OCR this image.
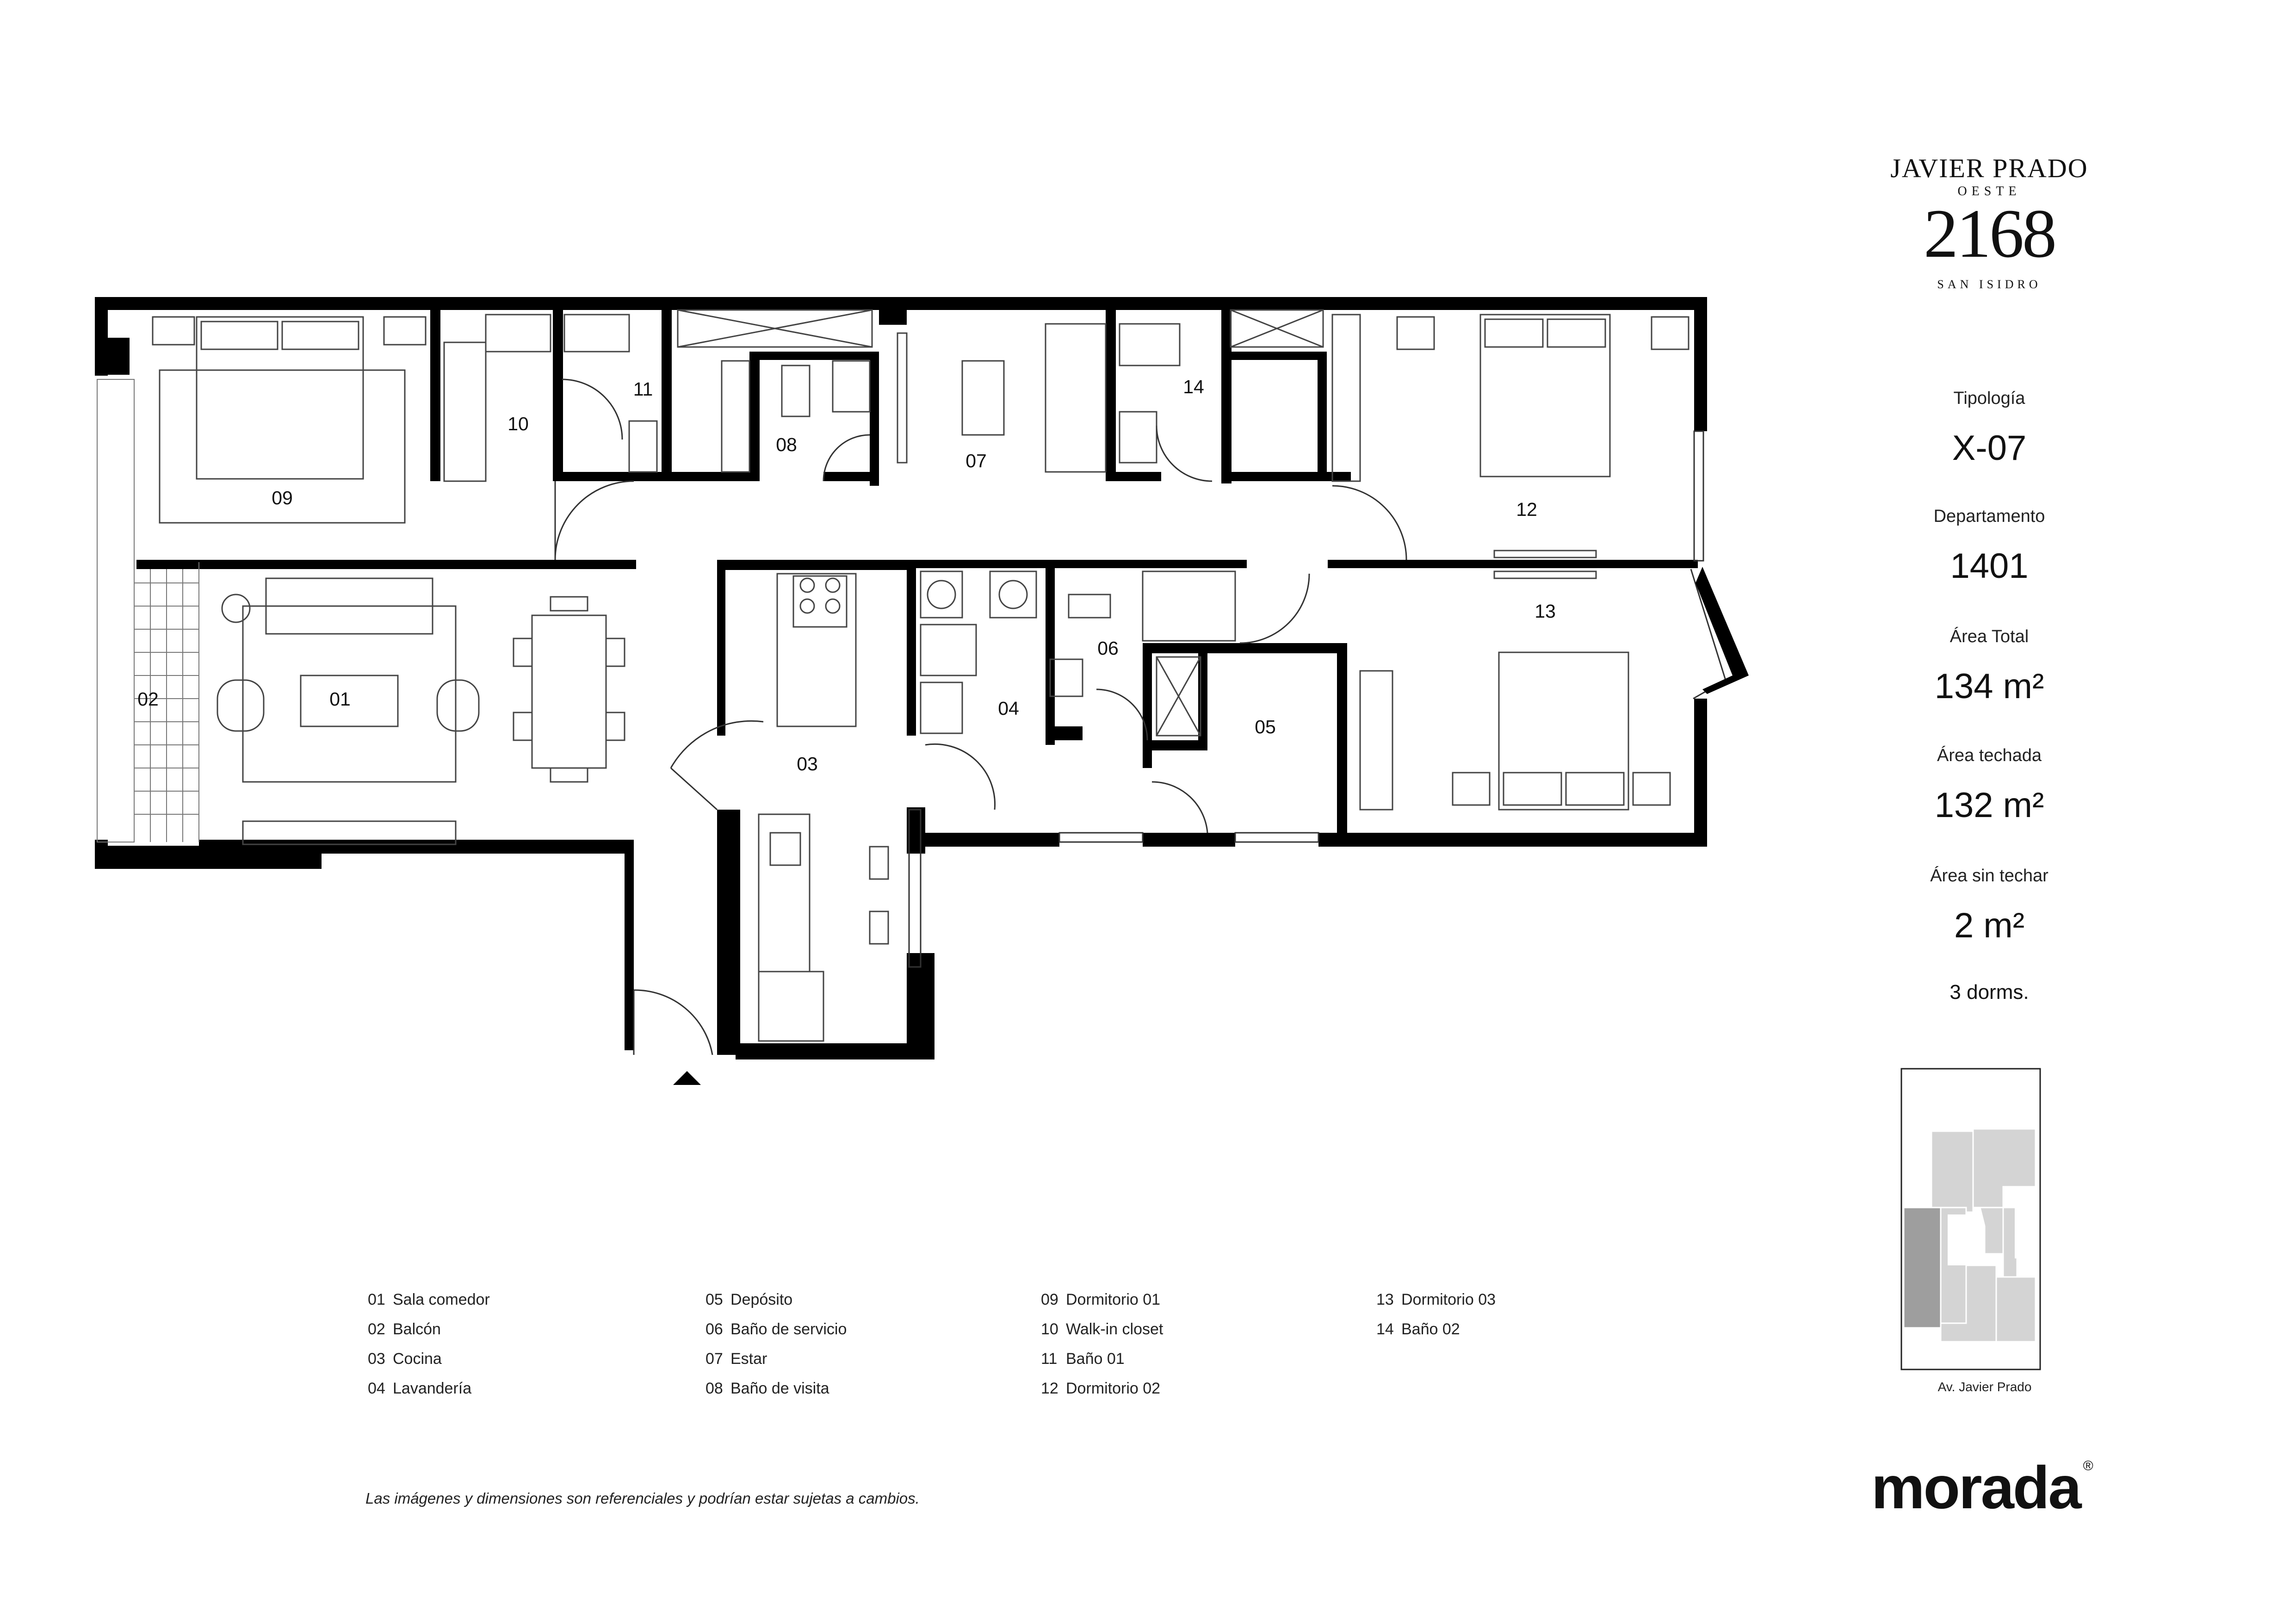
01
02
03
04
05
06
07
08
09
10
11
12
13
14
JAVIER PRADO
OESTE
2168
SAN ISIDRO
Tipología
X-07
Departamento
1401
Área Total
134 m²
Área techada
132 m²
Área sin techar
2 m²
3 dorms.
Av. Javier Prado
01 Sala comedor
02 Balcón
03 Cocina
04 Lavandería
05 Depósito
06 Baño de servicio
07 Estar
08 Baño de visita
09 Dormitorio 01
10 Walk-in closet
11 Baño 01
12 Dormitorio 02
13 Dormitorio 03
14 Baño 02
Las imágenes y dimensiones son referenciales y podrían estar sujetas a cambios.	morada ®
